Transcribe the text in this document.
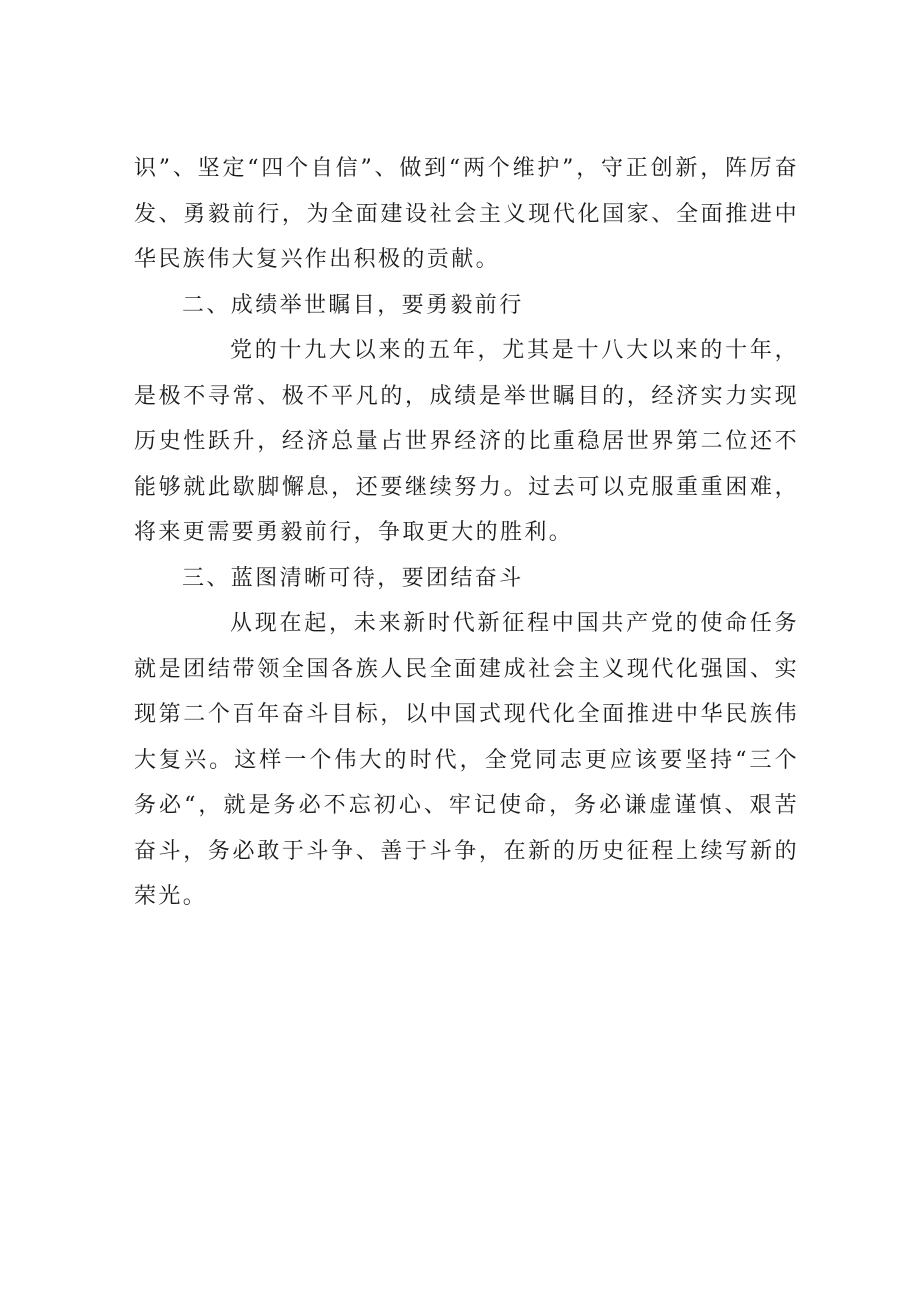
识”、坚定“四个自信”、做到“两个维护”，守正创新，阵厉奋发、勇毅前行，为全面建设社会主义现代化国家、全面推进中华民族伟大复兴作出积极的贡献。

二、成绩举世瞩目，要勇毅前行

党的十九大以来的五年，尤其是十八大以来的十年，是极不寻常、极不平凡的，成绩是举世瞩目的，经济实力实现历史性跃升，经济总量占世界经济的比重稳居世界第二位还不能够就此歇脚懈息，还要继续努力。过去可以克服重重困难，将来更需要勇毅前行，争取更大的胜利。

三、蓝图清晰可待，要团结奋斗

从现在起，未来新时代新征程中国共产党的使命任务就是团结带领全国各族人民全面建成社会主义现代化强国、实现第二个百年奋斗目标，以中国式现代化全面推进中华民族伟大复兴。这样一个伟大的时代，全党同志更应该要坚持“三个务必“，就是务必不忘初心、牢记使命，务必谦虚谨慎、艰苦奋斗，务必敢于斗争、善于斗争，在新的历史征程上续写新的荣光。
